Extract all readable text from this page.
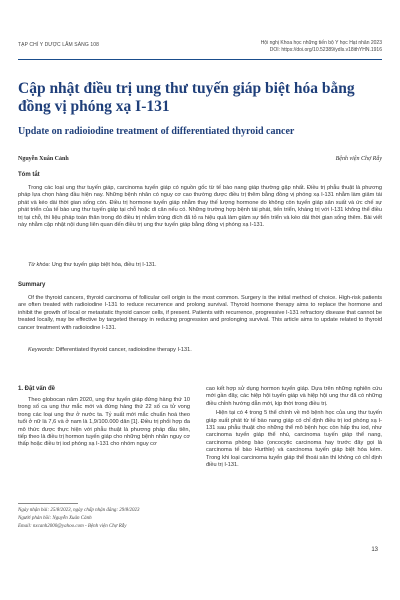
TẠP CHÍ Y DƯỢC LÂM SÀNG 108	Hội nghị Khoa học những tiến bộ Y học Hạt nhân 2023
DOI: https://doi.org/10.52389/ydls.v18ithYHN.1916
Cập nhật điều trị ung thư tuyến giáp biệt hóa bằng đồng vị phóng xạ I-131
Update on radioiodine treatment of differentiated thyroid cancer
Nguyễn Xuân Cảnh	Bệnh viện Chợ Rẫy
Tóm tắt

Trong các loại ung thư tuyến giáp, carcinoma tuyến giáp có nguồn gốc từ tế bào nang giáp thường gặp nhất. Điều trị phẫu thuật là phương pháp lựa chọn hàng đầu hiện nay. Những bệnh nhân có nguy cơ cao thường được điều trị thêm bằng đồng vị phóng xạ I-131 nhằm làm giảm tái phát và kéo dài thời gian sống còn. Điều trị hormone tuyến giáp nhằm thay thế lượng hormone do không còn tuyến giáp sản xuất và ức chế sự phát triển của tế bào ung thư tuyến giáp tại chỗ hoặc di căn nếu có. Những trường hợp bệnh tái phát, tiến triển, kháng trị với I-131 không thể điều trị tại chỗ, thì liệu pháp toàn thân trong đó điều trị nhắm trúng đích đã tỏ ra hiệu quả làm giảm sự tiến triển và kéo dài thời gian sống thêm. Bài viết này nhằm cập nhật nội dung liên quan đến điều trị ung thư tuyến giáp bằng đồng vị phóng xạ I-131.

Từ khóa: Ung thư tuyến giáp biệt hóa, điều trị I-131.

Summary

Of the thyroid cancers, thyroid carcinoma of follicular cell origin is the most common. Surgery is the initial method of choice. High-risk patients are often treated with radioiodine I-131 to reduce recurrence and prolong survival. Thyroid hormone therapy aims to replace the hormone and inhibit the growth of local or metastatic thyroid cancer cells, if present. Patients with recurrence, progressive I-131 refractory disease that cannot be treated locally, may be effective by targeted therapy in reducing progression and prolonging survival. This article aims to update related to thyroid cancer treatment with radioiodine I-131.

Keywords: Differentiated thyroid cancer, radioiodine therapy I-131.

1. Đặt vấn đề

Theo globocan năm 2020, ung thư tuyến giáp đứng hàng thứ 10 trong số ca ung thư mắc mới và đứng hàng thứ 22 số ca tử vong trong các loại ung thư ở nước ta. Tỷ suất mới mắc chuẩn hoá theo tuổi ở nữ là 7,6 và ở nam là 1,9/100.000 dân [1]. Điều trị phối hợp đa mô thức được thực hiện với phẫu thuật là phương pháp đầu tiên, tiếp theo là điều trị hormon tuyến giáp cho những bệnh nhân nguy cơ thấp hoặc điều trị iod phóng xạ I-131 cho nhóm nguy cơ

cao kết hợp sử dụng hormon tuyến giáp. Dựa trên những nghiên cứu mới gần đây, các hiệp hội tuyến giáp và hiệp hội ung thư đã có những điều chỉnh hướng dẫn mới, kịp thời trong điều trị.

Hiện tại có 4 trong 5 thể chính về mô bệnh học của ung thư tuyến giáp xuất phát từ tế bào nang giáp có chỉ định điều trị iod phóng xạ I-131 sau phẫu thuật cho những thể mô bệnh học còn hấp thu iod, như carcinoma tuyến giáp thể nhú, carcinoma tuyến giáp thể nang, carcinoma phòng bào (oncocytic carcinoma hay trước đây gọi là carcinoma tế bào Hurthle) và carcinoma tuyến giáp biệt hóa kém. Trong khi loại carcinoma tuyến giáp thể thoái sản thì không có chỉ định điều trị I-131.

Ngày nhận bài: 25/8/2023, ngày chấp nhận đăng: 29/8/2023
Người phản hồi: Nguyễn Xuân Cảnh
Email: nxcanh2000@yahoo.com - Bệnh viện Chợ Rẫy
13
